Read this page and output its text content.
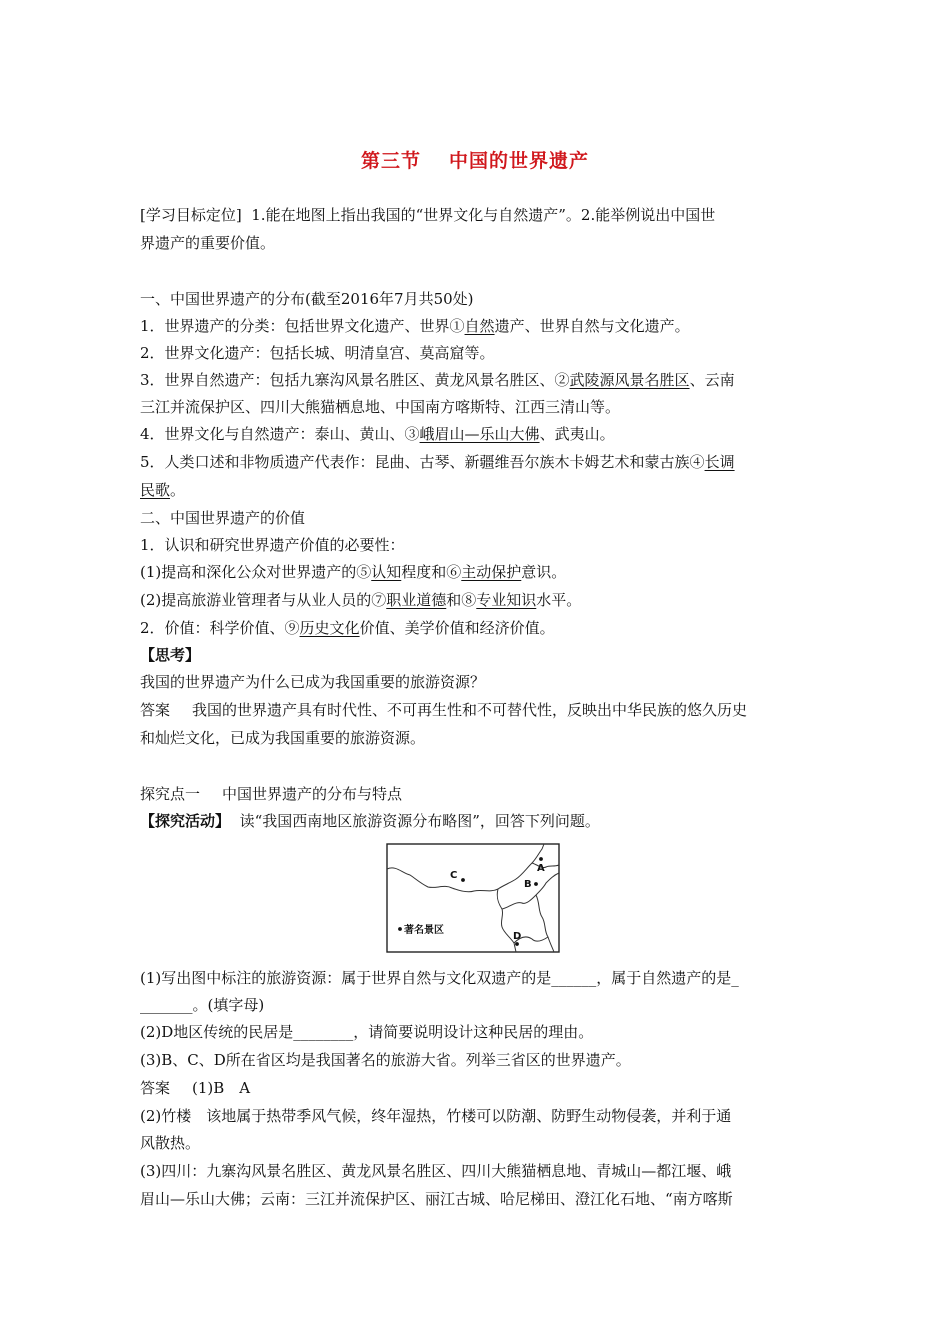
第三节 中国的世界遗产
[学习目标定位] 1.能在地图上指出我国的“世界文化与自然遗产”。2.能举例说出中国世
界遗产的重要价值。
一、中国世界遗产的分布(截至2016年7月共50处)
1．世界遗产的分类：包括世界文化遗产、世界①自然遗产、世界自然与文化遗产。
2．世界文化遗产：包括长城、明清皇宫、莫高窟等。
3．世界自然遗产：包括九寨沟风景名胜区、黄龙风景名胜区、②武陵源风景名胜区、云南
三江并流保护区、四川大熊猫栖息地、中国南方喀斯特、江西三清山等。
4．世界文化与自然遗产：泰山、黄山、③峨眉山—乐山大佛、武夷山。
5．人类口述和非物质遗产代表作：昆曲、古琴、新疆维吾尔族木卡姆艺术和蒙古族④长调
民歌。
二、中国世界遗产的价值
1．认识和研究世界遗产价值的必要性：
(1)提高和深化公众对世界遗产的⑤认知程度和⑥主动保护意识。
(2)提高旅游业管理者与从业人员的⑦职业道德和⑧专业知识水平。
2．价值：科学价值、⑨历史文化价值、美学价值和经济价值。
【思考】
我国的世界遗产为什么已成为我国重要的旅游资源？
答案 我国的世界遗产具有时代性、不可再生性和不可替代性，反映出中华民族的悠久历史
和灿烂文化，已成为我国重要的旅游资源。
探究点一 中国世界遗产的分布与特点
【探究活动】 读“我国西南地区旅游资源分布略图”，回答下列问题。
A
B
C
D
著名景区
(1)写出图中标注的旅游资源：属于世界自然与文化双遗产的是______，属于自然遗产的是_
_______。(填字母)
(2)D地区传统的民居是________，请简要说明设计这种民居的理由。
(3)B、C、D所在省区均是我国著名的旅游大省。列举三省区的世界遗产。
答案 (1)B　A
(2)竹楼　该地属于热带季风气候，终年湿热，竹楼可以防潮、防野生动物侵袭，并利于通
风散热。
(3)四川：九寨沟风景名胜区、黄龙风景名胜区、四川大熊猫栖息地、青城山—都江堰、峨
眉山—乐山大佛；云南：三江并流保护区、丽江古城、哈尼梯田、澄江化石地、“南方喀斯
